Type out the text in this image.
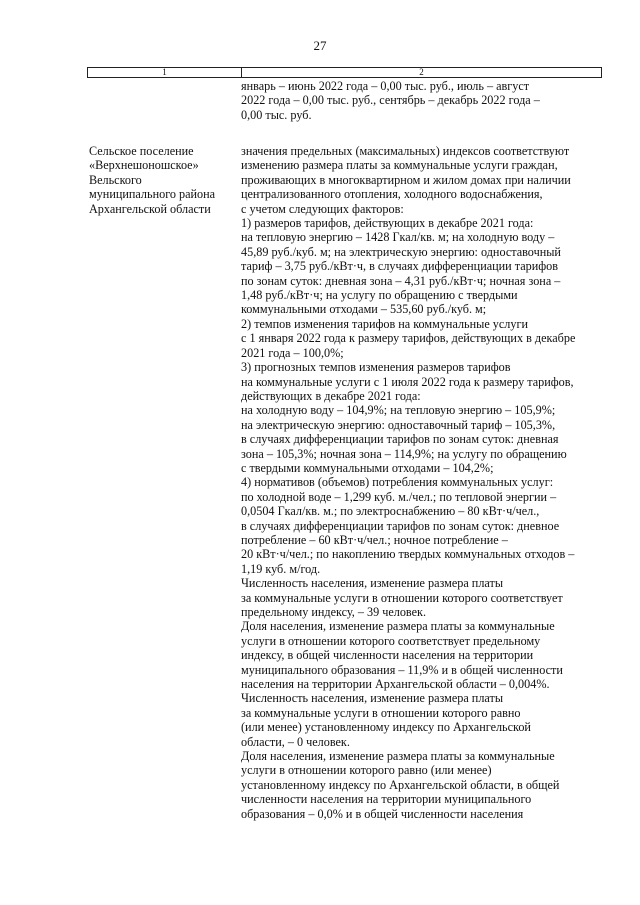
27
1	2
январь – июнь 2022 года – 0,00 тыс. руб., июль – август
2022 года – 0,00 тыс. руб., сентябрь – декабрь 2022 года –
0,00 тыс. руб.
Сельское поселение
«Верхнешоношское»
Вельского
муниципального района
Архангельской области
значения предельных (максимальных) индексов соответствуют
изменению размера платы за коммунальные услуги граждан,
проживающих в многоквартирном и жилом домах при наличии
централизованного отопления, холодного водоснабжения,
с учетом следующих факторов:
1) размеров тарифов, действующих в декабре 2021 года:
на тепловую энергию – 1428 Гкал/кв. м; на холодную воду –
45,89 руб./куб. м; на электрическую энергию: одноставочный
тариф – 3,75 руб./кВт·ч, в случаях дифференциации тарифов
по зонам суток: дневная зона – 4,31 руб./кВт·ч; ночная зона –
1,48 руб./кВт·ч; на услугу по обращению с твердыми
коммунальными отходами – 535,60 руб./куб. м;
2) темпов изменения тарифов на коммунальные услуги
с 1 января 2022 года к размеру тарифов, действующих в декабре
2021 года – 100,0%;
3) прогнозных темпов изменения размеров тарифов
на коммунальные услуги с 1 июля 2022 года к размеру тарифов,
действующих в декабре 2021 года:
на холодную воду – 104,9%; на тепловую энергию – 105,9%;
на электрическую энергию: одноставочный тариф – 105,3%,
в случаях дифференциации тарифов по зонам суток: дневная
зона – 105,3%; ночная зона – 114,9%; на услугу по обращению
с твердыми коммунальными отходами – 104,2%;
4) нормативов (объемов) потребления коммунальных услуг:
по холодной воде – 1,299 куб. м./чел.; по тепловой энергии –
0,0504 Гкал/кв. м.; по электроснабжению – 80 кВт·ч/чел.,
в случаях дифференциации тарифов по зонам суток: дневное
потребление – 60 кВт·ч/чел.; ночное потребление –
20 кВт·ч/чел.; по накоплению твердых коммунальных отходов –
1,19 куб. м/год.
Численность населения, изменение размера платы
за коммунальные услуги в отношении которого соответствует
предельному индексу, – 39 человек.
Доля населения, изменение размера платы за коммунальные
услуги в отношении которого соответствует предельному
индексу, в общей численности населения на территории
муниципального образования – 11,9% и в общей численности
населения на территории Архангельской области – 0,004%.
Численность населения, изменение размера платы
за коммунальные услуги в отношении которого равно
(или менее) установленному индексу по Архангельской
области, – 0 человек.
Доля населения, изменение размера платы за коммунальные
услуги в отношении которого равно (или менее)
установленному индексу по Архангельской области, в общей
численности населения на территории муниципального
образования – 0,0% и в общей численности населения
